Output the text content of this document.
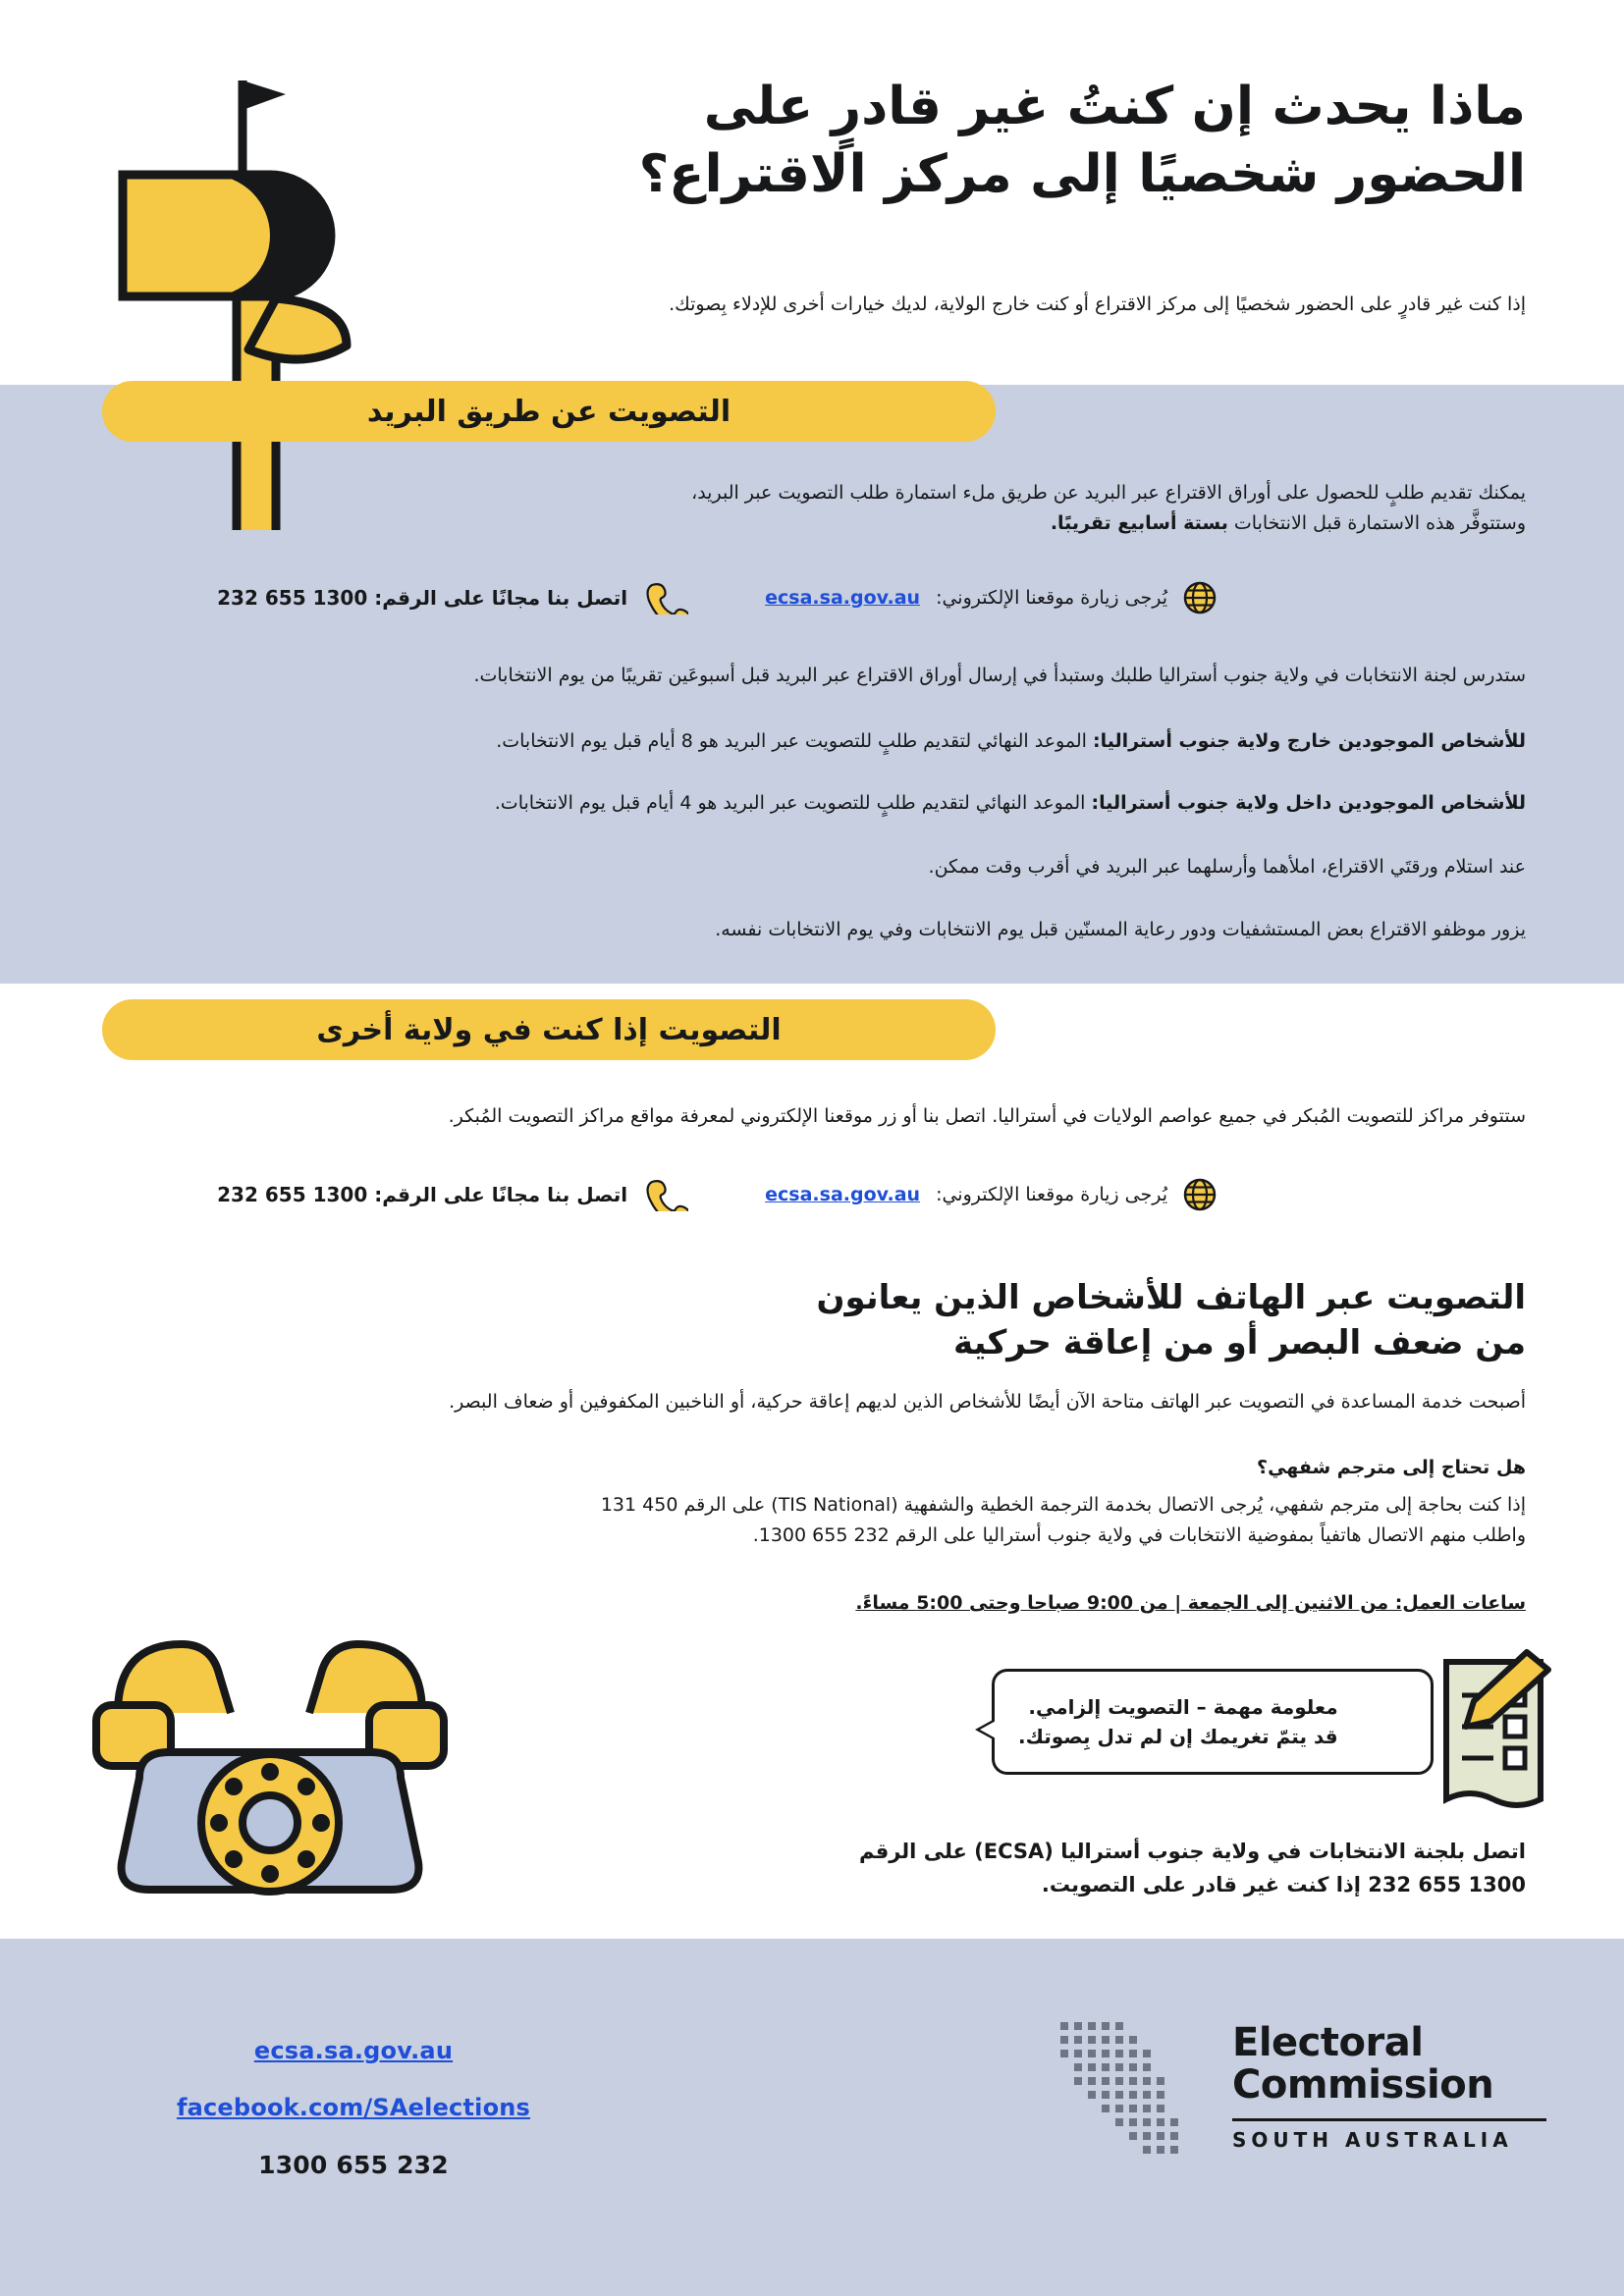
ماذا يحدث إن كنتُ غير قادرٍ على
الحضور شخصيًا إلى مركز الاقتراع؟
إذا كنت غير قادرٍ على الحضور شخصيًا إلى مركز الاقتراع أو كنت خارج الولاية، لديك خيارات أخرى للإدلاء بِصوتك.
التصويت عن طريق البريد
يمكنك تقديم طلبٍ للحصول على أوراق الاقتراع عبر البريد عن طريق ملء استمارة طلب التصويت عبر البريد،
وستتوفَّر هذه الاستمارة قبل الانتخابات بستة أسابيع تقريبًا.
يُرجى زيارة موقعنا الإلكتروني:
ecsa.sa.gov.au
اتصل بنا مجانًا على الرقم: 1300 655 232
ستدرس لجنة الانتخابات في ولاية جنوب أستراليا طلبك وستبدأ في إرسال أوراق الاقتراع عبر البريد قبل أسبوعَين تقريبًا من يوم الانتخابات.
للأشخاص الموجودين خارج ولاية جنوب أستراليا: الموعد النهائي لتقديم طلبٍ للتصويت عبر البريد هو 8 أيام قبل يوم الانتخابات.
للأشخاص الموجودين داخل ولاية جنوب أستراليا: الموعد النهائي لتقديم طلبٍ للتصويت عبر البريد هو 4 أيام قبل يوم الانتخابات.
عند استلام ورقتَي الاقتراع، املأهما وأرسلهما عبر البريد في أقرب وقت ممكن.
يزور موظفو الاقتراع بعض المستشفيات ودور رعاية المسنّين قبل يوم الانتخابات وفي يوم الانتخابات نفسه.
التصويت إذا كنت في ولاية أخرى
ستتوفر مراكز للتصويت المُبكر في جميع عواصم الولايات في أستراليا. اتصل بنا أو زر موقعنا الإلكتروني لمعرفة مواقع مراكز التصويت المُبكر.
يُرجى زيارة موقعنا الإلكتروني:
ecsa.sa.gov.au
اتصل بنا مجانًا على الرقم: 1300 655 232
التصويت عبر الهاتف للأشخاص الذين يعانون
من ضعف البصر أو من إعاقة حركية
أصبحت خدمة المساعدة في التصويت عبر الهاتف متاحة الآن أيضًا للأشخاص الذين لديهم إعاقة حركية، أو الناخبين المكفوفين أو ضعاف البصر.
هل تحتاج إلى مترجم شفهي؟
إذا كنت بحاجة إلى مترجم شفهي، يُرجى الاتصال بخدمة الترجمة الخطية والشفهية (TIS National) على الرقم 450 131
واطلب منهم الاتصال هاتفياً بمفوضية الانتخابات في ولاية جنوب أستراليا على الرقم 232 655 1300.
ساعات العمل: من الاثنين إلى الجمعة | من 9:00 صباحا وحتى 5:00 مساءً.
معلومة مهمة – التصويت إلزامي.
قد يتمّ تغريمك إن لم تدل بِصوتك.
اتصل بلجنة الانتخابات في ولاية جنوب أستراليا (ECSA) على الرقم
1300 655 232 إذا كنت غير قادر على التصويت.
ecsa.sa.gov.au
facebook.com/SAelections
1300 655 232
Electoral
Commission
SOUTH AUSTRALIA
